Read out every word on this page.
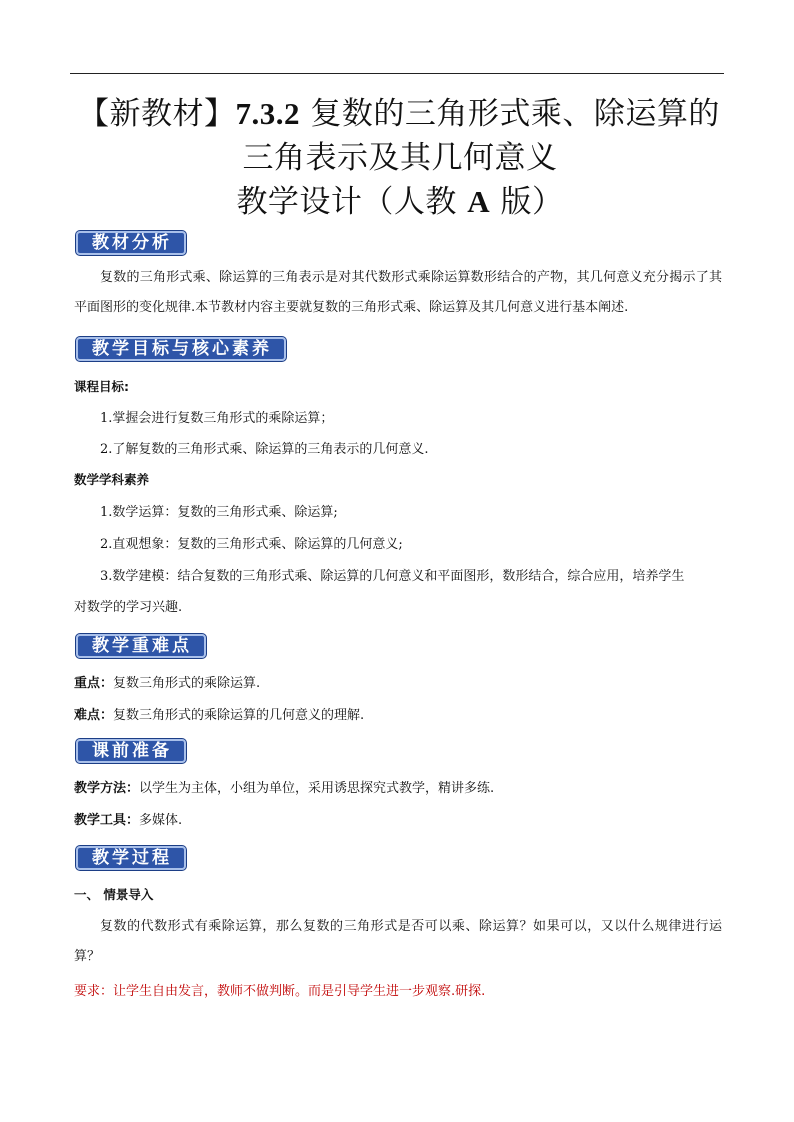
【新教材】7.3.2 复数的三角形式乘、除运算的
三角表示及其几何意义
教学设计（人教 A 版）
教材分析
复数的三角形式乘、除运算的三角表示是对其代数形式乘除运算数形结合的产物，其几何意义充分揭示了其平面图形的变化规律.本节教材内容主要就复数的三角形式乘、除运算及其几何意义进行基本阐述.
教学目标与核心素养
课程目标:
1.掌握会进行复数三角形式的乘除运算；
2.了解复数的三角形式乘、除运算的三角表示的几何意义.
数学学科素养
1.数学运算：复数的三角形式乘、除运算;
2.直观想象：复数的三角形式乘、除运算的几何意义;
3.数学建模：结合复数的三角形式乘、除运算的几何意义和平面图形，数形结合，综合应用，培养学生
对数学的学习兴趣.
教学重难点
重点：复数三角形式的乘除运算.
难点：复数三角形式的乘除运算的几何意义的理解.
课前准备
教学方法：以学生为主体，小组为单位，采用诱思探究式教学，精讲多练.
教学工具：多媒体.
教学过程
一、 情景导入
复数的代数形式有乘除运算，那么复数的三角形式是否可以乘、除运算？如果可以，又以什么规律进行运算？
要求：让学生自由发言，教师不做判断。而是引导学生进一步观察.研探.
